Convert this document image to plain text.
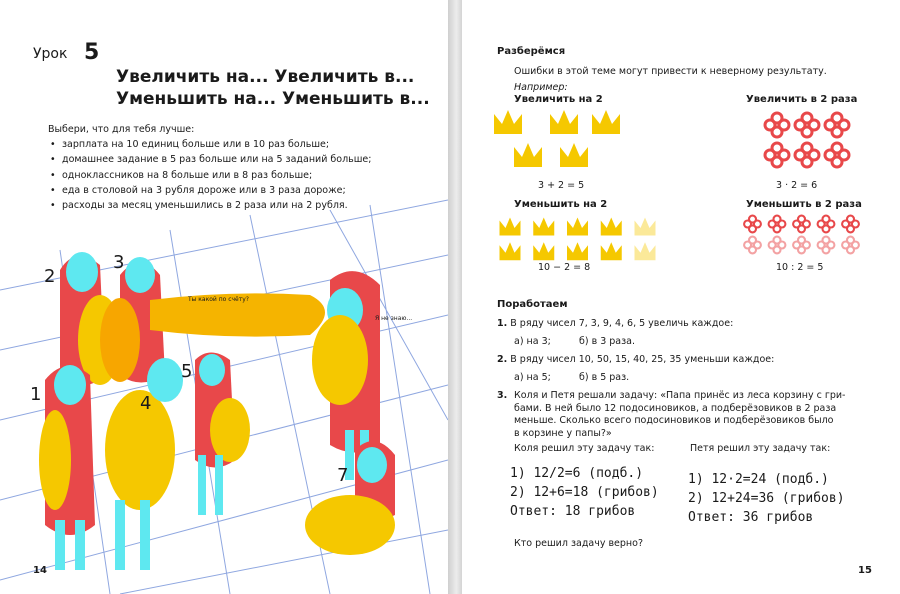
Урок 5
Увеличить на... Увеличить в...
Уменьшить на... Уменьшить в...
Выбери, что для тебя лучше:
• зарплата на 10 единиц больше или в 10 раз больше;
• домашнее задание в 5 раз больше или на 5 заданий больше;
• одноклассников на 8 больше или в 8 раз больше;
• еда в столовой на 3 рубля дороже или в 3 раза дороже;
• расходы за месяц уменьшились в 2 раза или на 2 рубля.
Ты какой по счёту?
Я не знаю...
1
2
3
4
5
7
14
Разберёмся
Ошибки в этой теме могут привести к неверному результату.
Например:
Увеличить на 2	Увеличить в 2 раза
Уменьшить на 2	Уменьшить в 2 раза
3 + 2 = 5	3 · 2 = 6
10 − 2 = 8	10 : 2 = 5
Поработаем
1. В ряду чисел 7, 3, 9, 4, 6, 5 увеличь каждое:
а) на 3;	б) в 3 раза.
2. В ряду чисел 10, 50, 15, 40, 25, 35 уменьши каждое:
а) на 5;	б) в 5 раз.
3. Коля и Петя решали задачу: «Папа принёс из леса корзину с гри-
бами. В ней было 12 подосиновиков, а подберёзовиков в 2 раза
меньше. Сколько всего подосиновиков и подберёзовиков было
в корзине у папы?»
Коля решил эту задачу так:	Петя решил эту задачу так:
1) 12/2=6 (подб.)
2) 12+6=18 (грибов)
Ответ: 18 грибов
1) 12·2=24 (подб.)
2) 12+24=36 (грибов)
Ответ: 36 грибов
Кто решил задачу верно?
15
